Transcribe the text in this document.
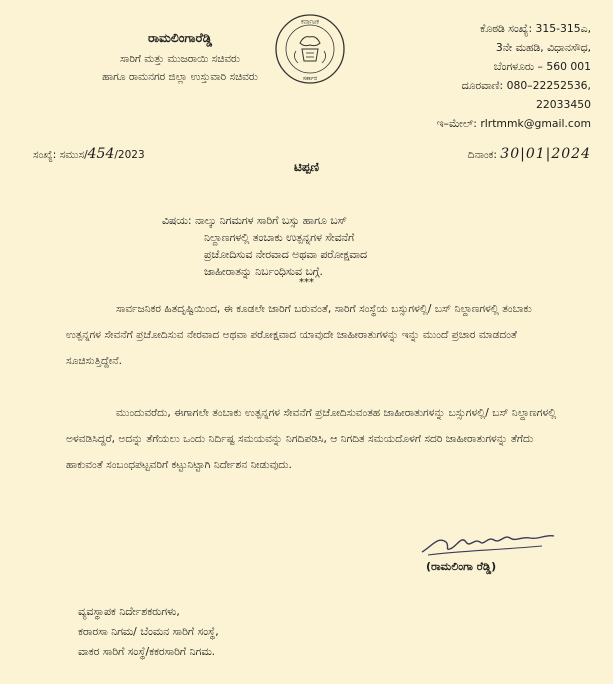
ರಾಮಲಿಂಗಾರೆಡ್ಡಿ
ಸಾರಿಗೆ ಮತ್ತು ಮುಜರಾಯಿ ಸಚಿವರು
ಹಾಗೂ ರಾಮನಗರ ಜಿಲ್ಲಾ ಉಸ್ತುವಾರಿ ಸಚಿವರು
ಕರ್ನಾಟಕ
ಸರ್ಕಾರ
ಕೊಠಡಿ ಸಂಖ್ಯೆ: 315-315ಎ,
3ನೇ ಮಹಡಿ, ವಿಧಾನಸೌಧ,
ಬೆಂಗಳೂರು – 560 001
ದೂರವಾಣಿ: 080–22252536,
22033450
ಇ–ಮೇಲ್: rlrtmmk@gmail.com
ಸಂಖ್ಯೆ: ಸಮುಸ/454/2023	ದಿನಾಂಕ: 30|01|2024
ಟಿಪ್ಪಣಿ
ವಿಷಯ: ನಾಲ್ಕು ನಿಗಮಗಳ ಸಾರಿಗೆ ಬಸ್ಸು ಹಾಗೂ ಬಸ್
ನಿಲ್ದಾಣಗಳಲ್ಲಿ ತಂಬಾಕು ಉತ್ಪನ್ನಗಳ ಸೇವನೆಗೆ
ಪ್ರಚೋದಿಸುವ ನೇರವಾದ ಅಥವಾ ಪರೋಕ್ಷವಾದ
ಜಾಹೀರಾತನ್ನು ನಿರ್ಬಂಧಿಸುವ ಬಗ್ಗೆ.
***
ಸಾರ್ವಜನಿಕರ ಹಿತದೃಷ್ಟಿಯಿಂದ, ಈ ಕೂಡಲೇ ಜಾರಿಗೆ ಬರುವಂತೆ, ಸಾರಿಗೆ ಸಂಸ್ಥೆಯ ಬಸ್ಸುಗಳಲ್ಲಿ/ ಬಸ್ ನಿಲ್ದಾಣಗಳಲ್ಲಿ ತಂಬಾಕು ಉತ್ಪನ್ನಗಳ ಸೇವನೆಗೆ ಪ್ರಚೋದಿಸುವ ನೇರವಾದ ಅಥವಾ ಪರೋಕ್ಷವಾದ ಯಾವುದೇ ಜಾಹೀರಾತುಗಳನ್ನು ಇನ್ನು ಮುಂದೆ ಪ್ರಚಾರ ಮಾಡದಂತೆ ಸೂಚಿಸುತ್ತಿದ್ದೇನೆ.
ಮುಂದುವರೆದು, ಈಗಾಗಲೇ ತಂಬಾಕು ಉತ್ಪನ್ನಗಳ ಸೇವನೆಗೆ ಪ್ರಚೋದಿಸುವಂತಹ ಜಾಹೀರಾತುಗಳನ್ನು ಬಸ್ಸುಗಳಲ್ಲಿ/ ಬಸ್ ನಿಲ್ದಾಣಗಳಲ್ಲಿ ಅಳವಡಿಸಿದ್ದರೆ, ಅದನ್ನು ತೆಗೆಯಲು ಒಂದು ನಿರ್ದಿಷ್ಟ ಸಮಯವನ್ನು ನಿಗದಿಪಡಿಸಿ, ಆ ನಿಗದಿತ ಸಮಯದೊಳಗೆ ಸದರಿ ಜಾಹೀರಾತುಗಳನ್ನು ತೆಗೆದು ಹಾಕುವಂತೆ ಸಂಬಂಧಪಟ್ಟವರಿಗೆ ಕಟ್ಟುನಿಟ್ಟಾಗಿ ನಿರ್ದೇಶನ ನೀಡುವುದು.
(ರಾಮಲಿಂಗಾ ರೆಡ್ಡಿ)
ವ್ಯವಸ್ಥಾಪಕ ನಿರ್ದೇಶಕರುಗಳು,
ಕರಾರಸಾ ನಿಗಮ/ ಬೆಂಮನ ಸಾರಿಗೆ ಸಂಸ್ಥೆ,
ವಾಕರ ಸಾರಿಗೆ ಸಂಸ್ಥೆ/ಕಕರಸಾರಿಗೆ ನಿಗಮ.
